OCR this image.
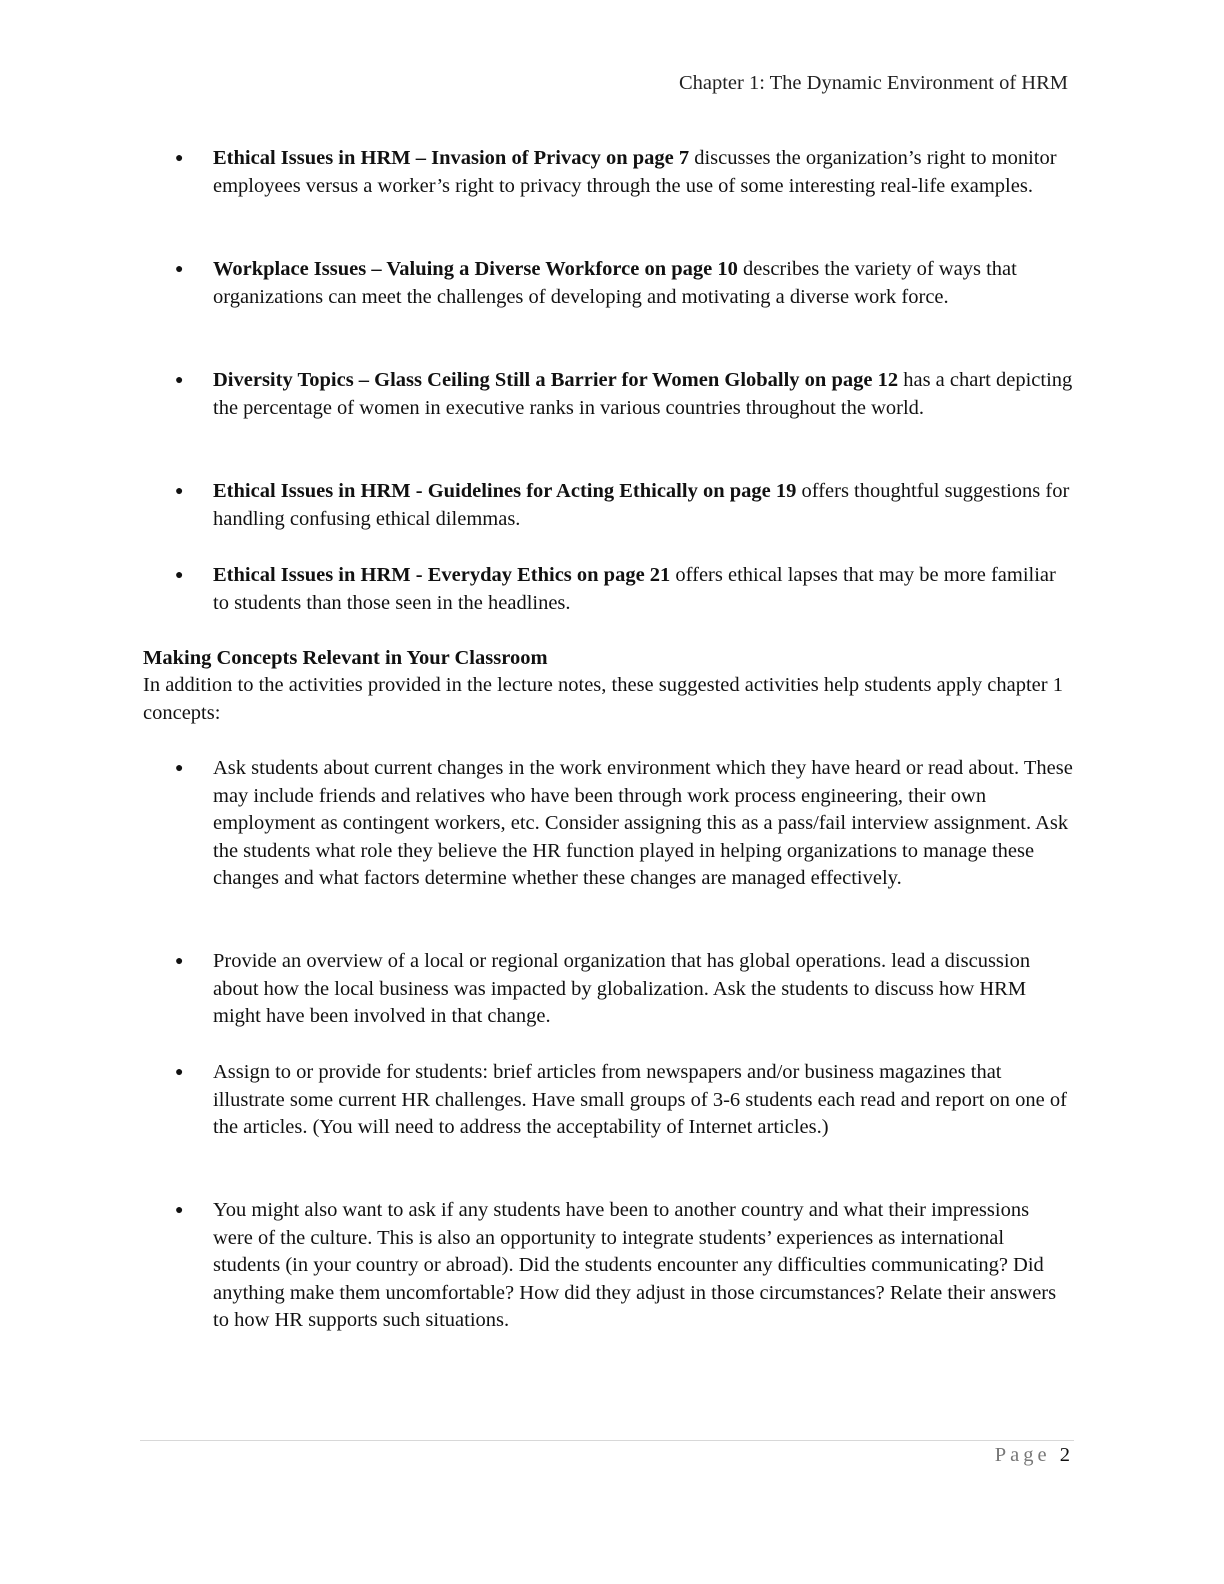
Chapter 1: The Dynamic Environment of HRM
● Ethical Issues in HRM – Invasion of Privacy on page 7 discusses the organization’s right to monitor employees versus a worker’s right to privacy through the use of some interesting real-life examples.
● Workplace Issues – Valuing a Diverse Workforce on page 10 describes the variety of ways that organizations can meet the challenges of developing and motivating a diverse work force.
● Diversity Topics – Glass Ceiling Still a Barrier for Women Globally on page 12 has a chart depicting the percentage of women in executive ranks in various countries throughout the world.
● Ethical Issues in HRM - Guidelines for Acting Ethically on page 19 offers thoughtful suggestions for handling confusing ethical dilemmas.
● Ethical Issues in HRM - Everyday Ethics on page 21 offers ethical lapses that may be more familiar to students than those seen in the headlines.
Making Concepts Relevant in Your Classroom
In addition to the activities provided in the lecture notes, these suggested activities help students apply chapter 1 concepts:
● Ask students about current changes in the work environment which they have heard or read about. These may include friends and relatives who have been through work process engineering, their own employment as contingent workers, etc. Consider assigning this as a pass/fail interview assignment. Ask the students what role they believe the HR function played in helping organizations to manage these changes and what factors determine whether these changes are managed effectively.
● Provide an overview of a local or regional organization that has global operations. lead a discussion about how the local business was impacted by globalization. Ask the students to discuss how HRM might have been involved in that change.
● Assign to or provide for students: brief articles from newspapers and/or business magazines that illustrate some current HR challenges. Have small groups of 3-6 students each read and report on one of the articles. (You will need to address the acceptability of Internet articles.)
● You might also want to ask if any students have been to another country and what their impressions were of the culture. This is also an opportunity to integrate students’ experiences as international students (in your country or abroad). Did the students encounter any difficulties communicating? Did anything make them uncomfortable? How did they adjust in those circumstances? Relate their answers to how HR supports such situations.
Page 2
